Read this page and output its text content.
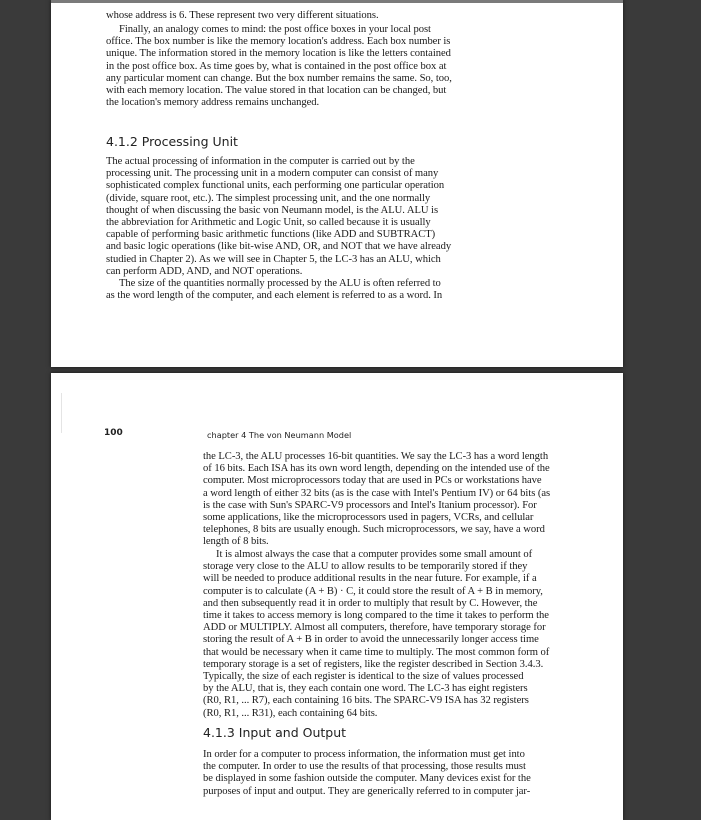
whose address is 6. These represent two very different situations.
Finally, an analogy comes to mind: the post office boxes in your local post
office. The box number is like the memory location's address. Each box number is
unique. The information stored in the memory location is like the letters contained
in the post office box. As time goes by, what is contained in the post office box at
any particular moment can change. But the box number remains the same. So, too,
with each memory location. The value stored in that location can be changed, but
the location's memory address remains unchanged.
4.1.2 Processing Unit
The actual processing of information in the computer is carried out by the
processing unit. The processing unit in a modern computer can consist of many
sophisticated complex functional units, each performing one particular operation
(divide, square root, etc.). The simplest processing unit, and the one normally
thought of when discussing the basic von Neumann model, is the ALU. ALU is
the abbreviation for Arithmetic and Logic Unit, so called because it is usually
capable of performing basic arithmetic functions (like ADD and SUBTRACT)
and basic logic operations (like bit-wise AND, OR, and NOT that we have already
studied in Chapter 2). As we will see in Chapter 5, the LC-3 has an ALU, which
can perform ADD, AND, and NOT operations.
The size of the quantities normally processed by the ALU is often referred to
as the word length of the computer, and each element is referred to as a word. In
100	chapter 4 The von Neumann Model
the LC-3, the ALU processes 16-bit quantities. We say the LC-3 has a word length
of 16 bits. Each ISA has its own word length, depending on the intended use of the
computer. Most microprocessors today that are used in PCs or workstations have
a word length of either 32 bits (as is the case with Intel's Pentium IV) or 64 bits (as
is the case with Sun's SPARC-V9 processors and Intel's Itanium processor). For
some applications, like the microprocessors used in pagers, VCRs, and cellular
telephones, 8 bits are usually enough. Such microprocessors, we say, have a word
length of 8 bits.
It is almost always the case that a computer provides some small amount of
storage very close to the ALU to allow results to be temporarily stored if they
will be needed to produce additional results in the near future. For example, if a
computer is to calculate (A + B) · C, it could store the result of A + B in memory,
and then subsequently read it in order to multiply that result by C. However, the
time it takes to access memory is long compared to the time it takes to perform the
ADD or MULTIPLY. Almost all computers, therefore, have temporary storage for
storing the result of A + B in order to avoid the unnecessarily longer access time
that would be necessary when it came time to multiply. The most common form of
temporary storage is a set of registers, like the register described in Section 3.4.3.
Typically, the size of each register is identical to the size of values processed
by the ALU, that is, they each contain one word. The LC-3 has eight registers
(R0, R1, ... R7), each containing 16 bits. The SPARC-V9 ISA has 32 registers
(R0, R1, ... R31), each containing 64 bits.
4.1.3 Input and Output
In order for a computer to process information, the information must get into
the computer. In order to use the results of that processing, those results must
be displayed in some fashion outside the computer. Many devices exist for the
purposes of input and output. They are generically referred to in computer jar-
